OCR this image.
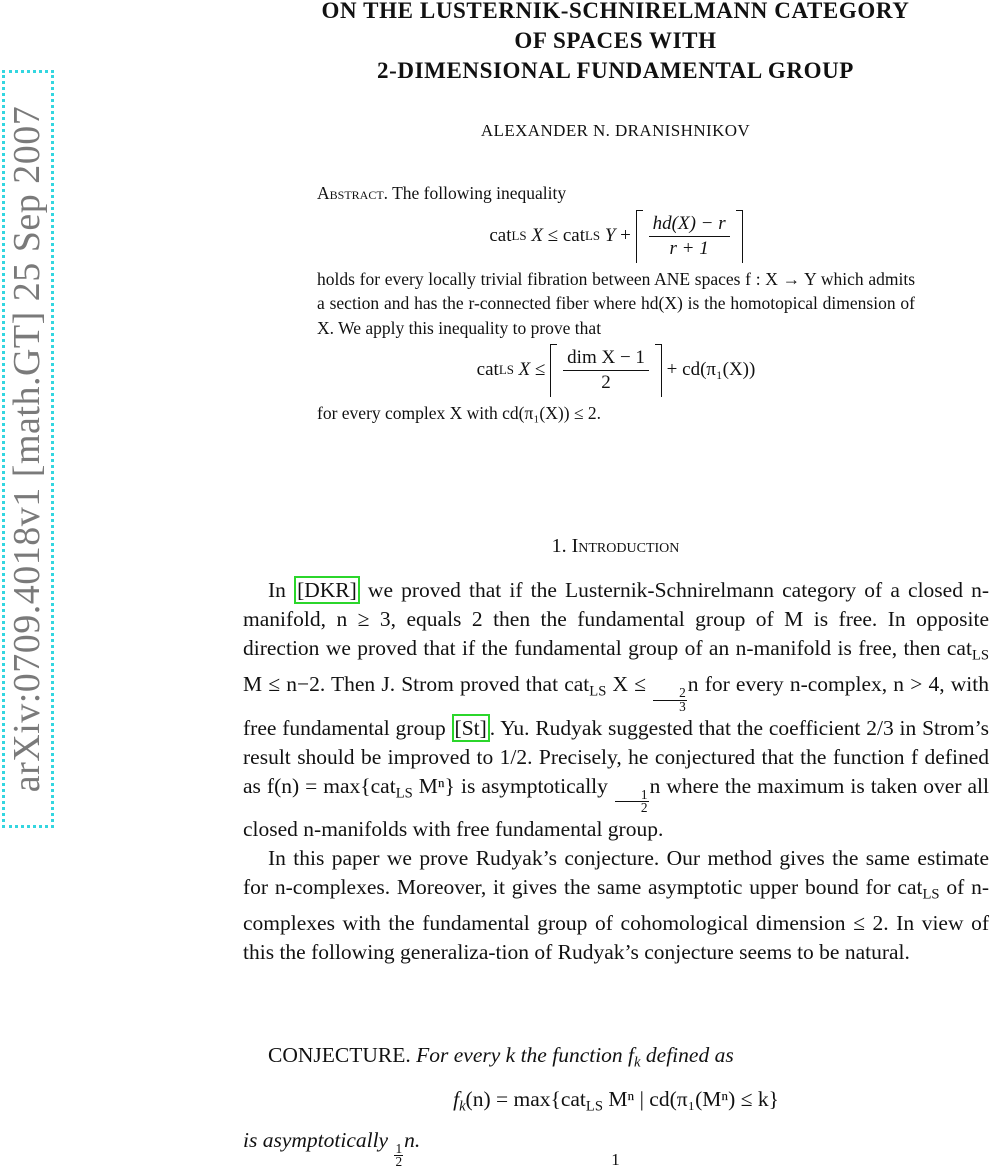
arXiv:0709.4018v1 [math.GT] 25 Sep 2007
ON THE LUSTERNIK-SCHNIRELMANN CATEGORY
OF SPACES WITH
2-DIMENSIONAL FUNDAMENTAL GROUP
ALEXANDER N. DRANISHNIKOV
Abstract. The following inequality
cat LS
X
≤
cat LS
Y
+
$\frac{hd(X) - r}{r + 1}$
holds for every locally trivial fibration between ANE spaces f : X → Y which admits a section and has the r-connected fiber where hd(X) is the homotopical dimension of X. We apply this inequality to prove that
cat LS
X
≤
$\frac{\text{dim X − 1}}{2}$
+ cd(π₁(X))
for every complex X with cd(π₁(X)) ≤ 2.
1. Introduction

In [DKR] we proved that if the Lusternik-Schnirelmann category of a closed n-manifold, n ≥ 3, equals 2 then the fundamental group of M is free. In opposite direction we proved that if the fundamental group of an n-manifold is free, then cat$_{LS}$ M ≤ n−2. Then J. Strom proved that cat$_{LS}$ X ≤
$\frac{2}{3}$
n for every n-complex, n > 4, with free fundamental group [St] . Yu. Rudyak suggested that the coefficient 2/3 in Strom’s result should be improved to 1/2. Precisely, he conjectured that the function f defined as f(n) = max{cat$_{LS}$ Mⁿ} is asymptotically
$\frac{1}{2}$
n where the maximum is taken over all closed n-manifolds with free fundamental group.

In this paper we prove Rudyak’s conjecture. Our method gives the same estimate for n-complexes. Moreover, it gives the same asymptotic upper bound for cat$_{LS}$ of n-complexes with the fundamental group of cohomological dimension ≤ 2. In view of this the following generaliza-tion of Rudyak’s conjecture seems to be natural.

CONJECTURE. For every k the function $f_k$ defined as
$f_k(n) = \max\{cat_{LS}$ Mⁿ | cd(π₁(Mⁿ) ≤ k}
is asymptotically
$\frac{1}{2}$
n.
1
